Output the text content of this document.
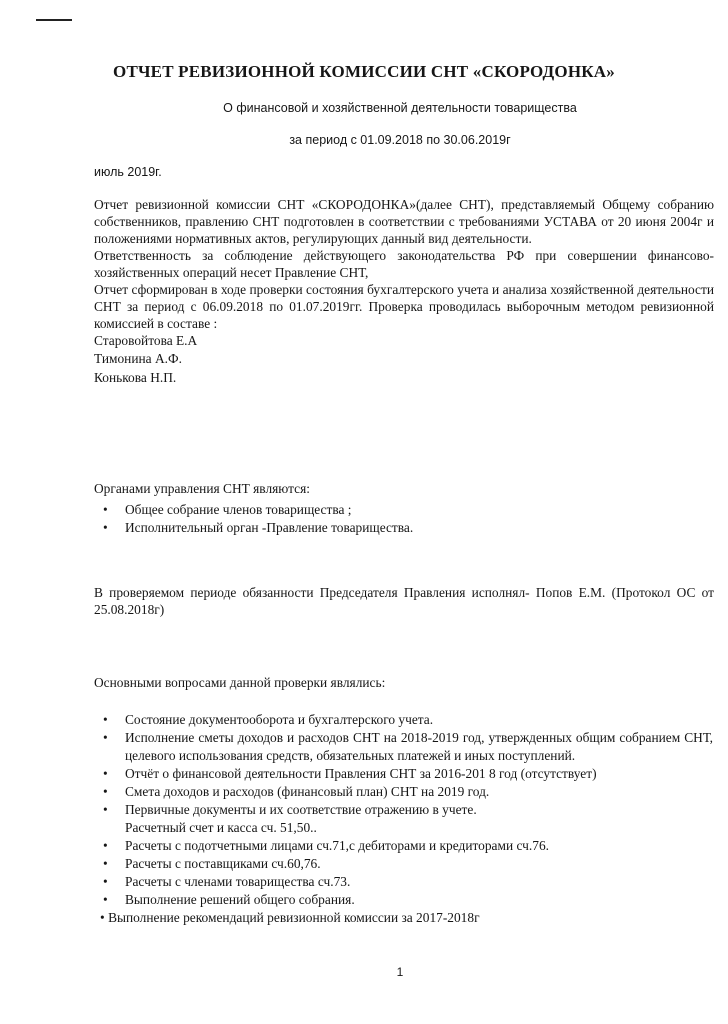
ОТЧЕТ РЕВИЗИОННОЙ КОМИССИИ СНТ «СКОРОДОНКА»
О финансовой и хозяйственной деятельности товарищества
за период с 01.09.2018 по 30.06.2019г
июль 2019г.
Отчет ревизионной комиссии СНТ «СКОРОДОНКА»(далее СНТ), представляемый Общему собранию собственников, правлению СНТ подготовлен в соответствии с требованиями УСТАВА от 20 июня 2004г и положениями нормативных актов, регулирующих данный вид деятельности.
Ответственность за соблюдение действующего законодательства РФ при совершении финансово-хозяйственных операций несет Правление СНТ,
Отчет сформирован в ходе проверки состояния бухгалтерского учета и анализа хозяйственной деятельности СНТ за период с 06.09.2018 по 01.07.2019гг. Проверка проводилась выборочным методом ревизионной комиссией в составе :
Старовойтова Е.А
Тимонина А.Ф.
Конькова Н.П.
Органами управления СНТ являются:
• Общее собрание членов товарищества ;
• Исполнительный орган -Правление товарищества.
В проверяемом периоде обязанности Председателя Правления исполнял- Попов Е.М. (Протокол ОС от 25.08.2018г)
Основными вопросами данной проверки являлись:
• Состояние документооборота и бухгалтерского учета.
• Исполнение сметы доходов и расходов СНТ на 2018-2019 год, утвержденных общим собранием СНТ, целевого использования средств, обязательных платежей и иных поступлений.
• Отчёт о финансовой деятельности Правления СНТ за 2016-201 8 год (отсутствует)
• Смета доходов и расходов (финансовый план) СНТ на 2019 год.
• Первичные документы и их соответствие отражению в учете.
Расчетный счет и касса сч. 51,50..
• Расчеты с подотчетными лицами сч.71,с дебиторами и кредиторами сч.76.
• Расчеты с поставщиками сч.60,76.
• Расчеты с членами товарищества сч.73.
• Выполнение решений общего собрания.
• Выполнение рекомендаций ревизионной комиссии за 2017-2018г
1
